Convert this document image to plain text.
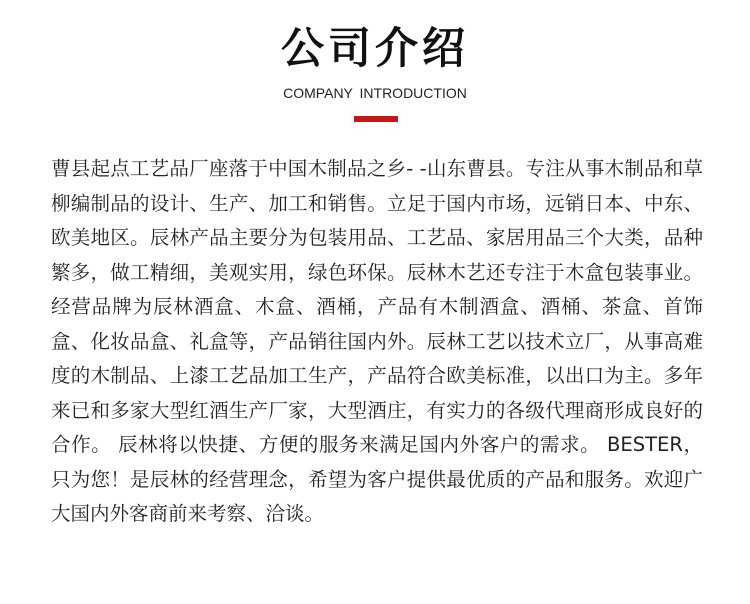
公司介绍
COMPANY INTRODUCTION

曹县起点工艺品厂座落于中国木制品之乡- -山东曹县。专注从事木制品和草柳编制品的设计、生产、加工和销售。立足于国内市场，远销日本、中东、欧美地区。辰林产品主要分为包装用品、工艺品、家居用品三个大类，品种繁多，做工精细，美观实用，绿色环保。辰林木艺还专注于木盒包装事业。经营品牌为辰林酒盒、木盒、酒桶，产品有木制酒盒、酒桶、茶盒、首饰盒、化妆品盒、礼盒等，产品销往国内外。辰林工艺以技术立厂，从事高难度的木制品、上漆工艺品加工生产，产品符合欧美标准，以出口为主。多年来已和多家大型红酒生产厂家，大型酒庄，有实力的各级代理商形成良好的合作。 辰林将以快捷、方便的服务来满足国内外客户的需求。 BESTER，只为您！是辰林的经营理念，希望为客户提供最优质的产品和服务。欢迎广大国内外客商前来考察、洽谈。
